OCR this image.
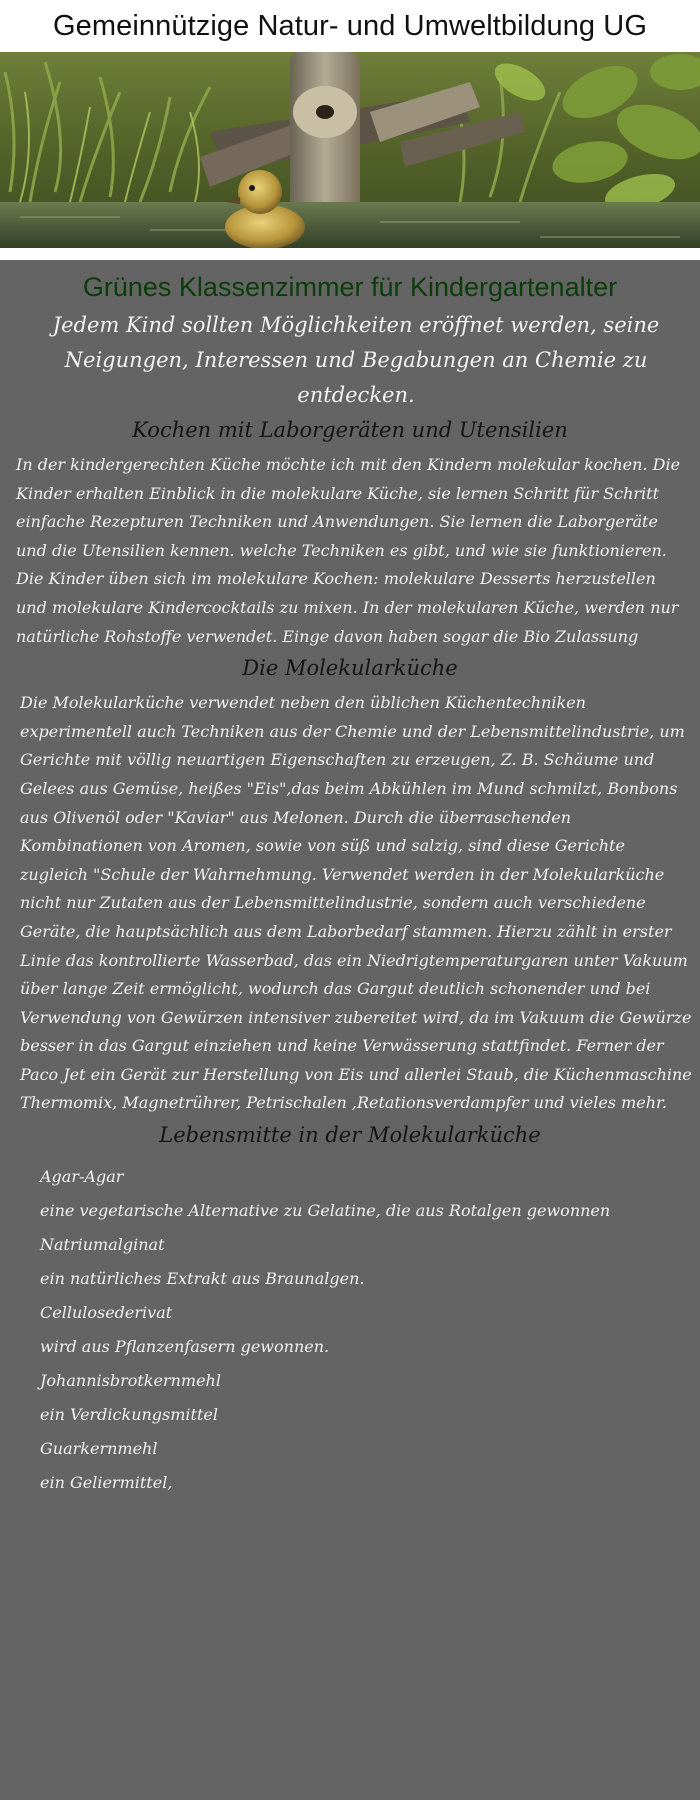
Gemeinnützige Natur- und Umweltbildung UG
Grünes Klassenzimmer für Kindergartenalter

Jedem Kind sollten Möglichkeiten eröffnet werden, seine Neigungen, Interessen und Begabungen an Chemie zu entdecken.

Kochen mit Laborgeräten und Utensilien

In der kindergerechten Küche möchte ich mit den Kindern molekular kochen. Die Kinder erhalten Einblick in die molekulare Küche, sie lernen Schritt für Schritt einfache Rezepturen Techniken und Anwendungen. Sie lernen die Laborgeräte und die Utensilien kennen. welche Techniken es gibt, und wie sie funktionieren. Die Kinder üben sich im molekulare Kochen: molekulare Desserts herzustellen und molekulare Kindercocktails zu mixen. In der molekularen Küche, werden nur natürliche Rohstoffe verwendet. Einge davon haben sogar die Bio Zulassung

Die Molekularküche

Die Molekularküche verwendet neben den üblichen Küchentechniken experimentell auch Techniken aus der Chemie und der Lebensmittelindustrie, um Gerichte mit völlig neuartigen Eigenschaften zu erzeugen, Z. B. Schäume und Gelees aus Gemüse, heißes "Eis",das beim Abkühlen im Mund schmilzt, Bonbons aus Olivenöl oder "Kaviar" aus Melonen. Durch die überraschenden Kombinationen von Aromen, sowie von süß und salzig, sind diese Gerichte zugleich "Schule der Wahrnehmung. Verwendet werden in der Molekularküche nicht nur Zutaten aus der Lebensmittelindustrie, sondern auch verschiedene Geräte, die hauptsächlich aus dem Laborbedarf stammen. Hierzu zählt in erster Linie das kontrollierte Wasserbad, das ein Niedrigtemperaturgaren unter Vakuum über lange Zeit ermöglicht, wodurch das Gargut deutlich schonender und bei Verwendung von Gewürzen intensiver zubereitet wird, da im Vakuum die Gewürze besser in das Gargut einziehen und keine Verwässerung stattfindet. Ferner der Paco Jet ein Gerät zur Herstellung von Eis und allerlei Staub, die Küchenmaschine Thermomix, Magnetrührer, Petrischalen ,Retationsverdampfer und vieles mehr.

Lebensmitte in der Molekularküche
Agar-Agar
eine vegetarische Alternative zu Gelatine, die aus Rotalgen gewonnen
Natriumalginat
ein natürliches Extrakt aus Braunalgen.
Cellulosederivat
wird aus Pflanzenfasern gewonnen.
Johannisbrotkernmehl
ein Verdickungsmittel
Guarkernmehl
ein Geliermittel,
